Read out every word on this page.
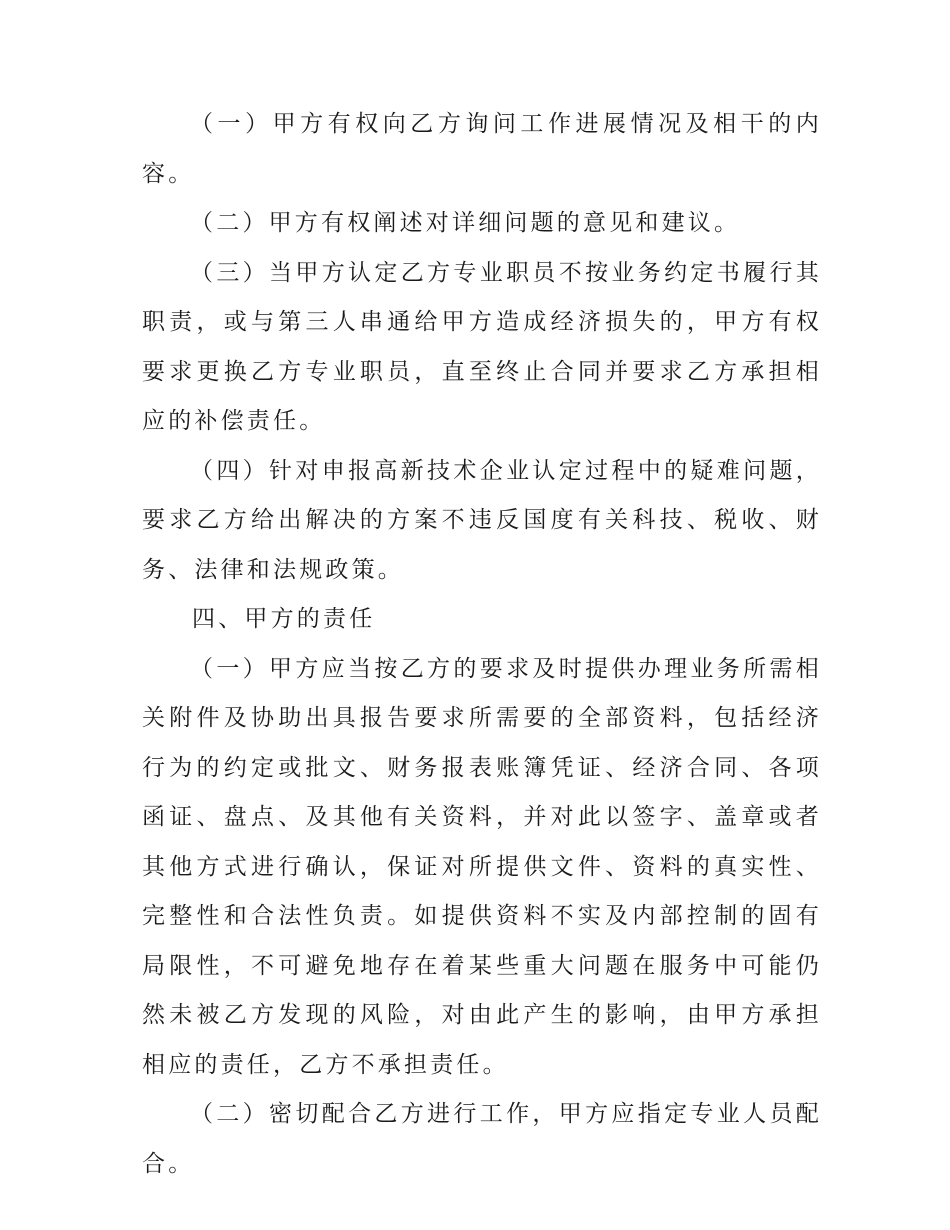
（一）甲方有权向乙方询问工作进展情况及相干的内容。

（二）甲方有权阐述对详细问题的意见和建议。

（三）当甲方认定乙方专业职员不按业务约定书履行其职责，或与第三人串通给甲方造成经济损失的，甲方有权要求更换乙方专业职员，直至终止合同并要求乙方承担相应的补偿责任。

（四）针对申报高新技术企业认定过程中的疑难问题，要求乙方给出解决的方案不违反国度有关科技、税收、财务、法律和法规政策。

四、甲方的责任

（一）甲方应当按乙方的要求及时提供办理业务所需相关附件及协助出具报告要求所需要的全部资料，包括经济行为的约定或批文、财务报表账簿凭证、经济合同、各项函证、盘点、及其他有关资料，并对此以签字、盖章或者其他方式进行确认，保证对所提供文件、资料的真实性、完整性和合法性负责。如提供资料不实及内部控制的固有局限性，不可避免地存在着某些重大问题在服务中可能仍然未被乙方发现的风险，对由此产生的影响，由甲方承担相应的责任，乙方不承担责任。

（二）密切配合乙方进行工作，甲方应指定专业人员配合。
